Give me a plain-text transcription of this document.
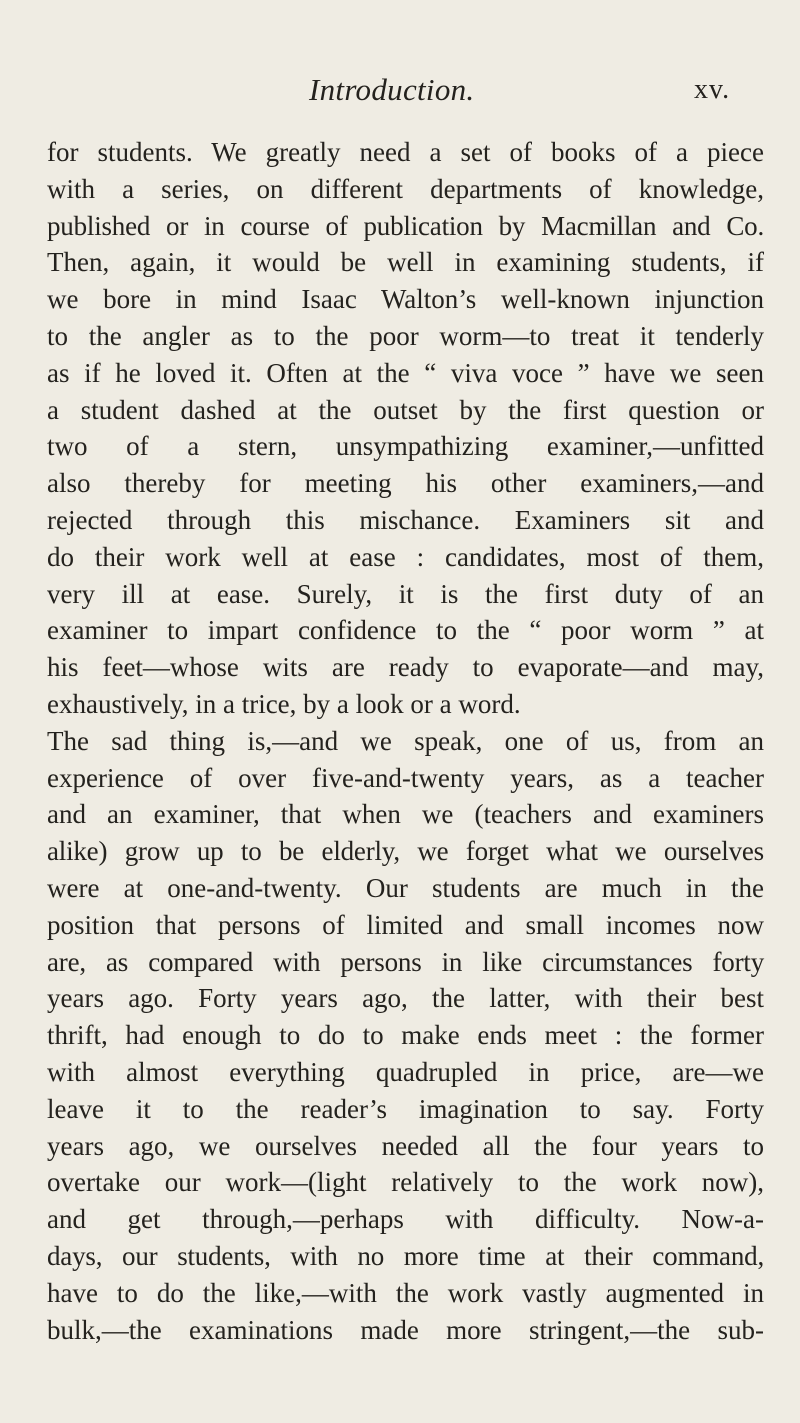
Introduction.	xv.
for students. We greatly need a set of books of a piece
with a series, on different departments of knowledge,
published or in course of publication by Macmillan and Co.
Then, again, it would be well in examining students, if
we bore in mind Isaac Walton’s well-known injunction
to the angler as to the poor worm—to treat it tenderly
as if he loved it. Often at the “ viva voce ” have we seen
a student dashed at the outset by the first question or
two of a stern, unsympathizing examiner,—unfitted
also thereby for meeting his other examiners,—and
rejected through this mischance. Examiners sit and
do their work well at ease : candidates, most of them,
very ill at ease. Surely, it is the first duty of an
examiner to impart confidence to the “ poor worm ” at
his feet—whose wits are ready to evaporate—and may,
exhaustively, in a trice, by a look or a word.
The sad thing is,—and we speak, one of us, from an
experience of over five-and-twenty years, as a teacher
and an examiner, that when we (teachers and examiners
alike) grow up to be elderly, we forget what we ourselves
were at one-and-twenty. Our students are much in the
position that persons of limited and small incomes now
are, as compared with persons in like circumstances forty
years ago. Forty years ago, the latter, with their best
thrift, had enough to do to make ends meet : the former
with almost everything quadrupled in price, are—we
leave it to the reader’s imagination to say. Forty
years ago, we ourselves needed all the four years to
overtake our work—(light relatively to the work now),
and get through,—perhaps with difficulty. Now-a-
days, our students, with no more time at their command,
have to do the like,—with the work vastly augmented in
bulk,—the examinations made more stringent,—the sub-
